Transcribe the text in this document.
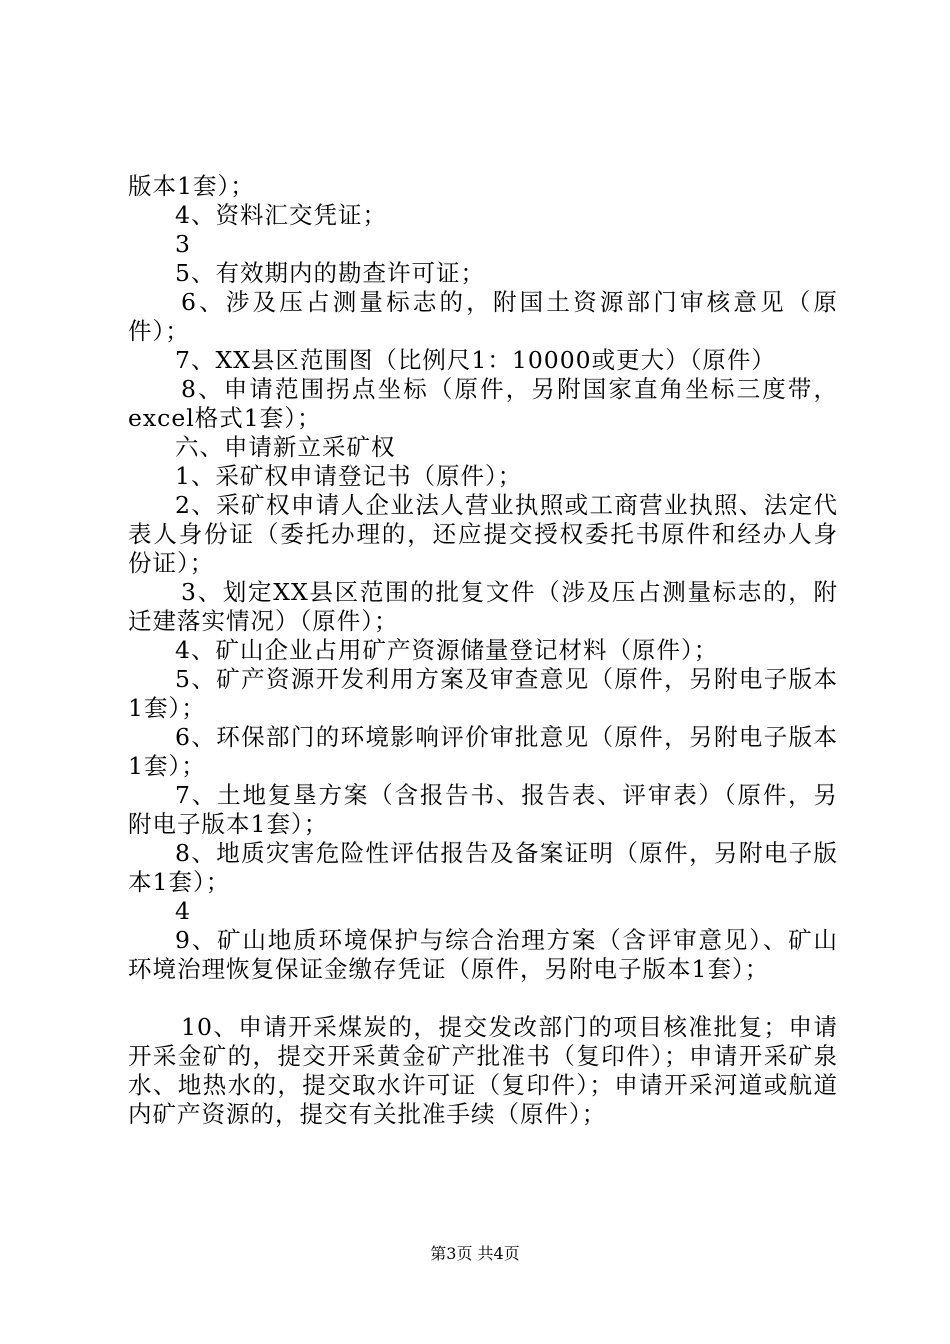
版本1套）；

4、资料汇交凭证；

3

5、有效期内的勘查许可证；

6、涉及压占测量标志的，附国土资源部门审核意见（原件）；

7、XX县区范围图（比例尺1：10000或更大）（原件）

8、申请范围拐点坐标（原件，另附国家直角坐标三度带，excel格式1套）；

六、申请新立采矿权

1、采矿权申请登记书（原件）；

2、采矿权申请人企业法人营业执照或工商营业执照、法定代表人身份证（委托办理的，还应提交授权委托书原件和经办人身份证）；

3、划定XX县区范围的批复文件（涉及压占测量标志的，附迁建落实情况）（原件）；

4、矿山企业占用矿产资源储量登记材料（原件）；

5、矿产资源开发利用方案及审查意见（原件，另附电子版本1套）；

6、环保部门的环境影响评价审批意见（原件，另附电子版本1套）；

7、土地复垦方案（含报告书、报告表、评审表）（原件，另附电子版本1套）；

8、地质灾害危险性评估报告及备案证明（原件，另附电子版本1套）；

4

9、矿山地质环境保护与综合治理方案（含评审意见）、矿山环境治理恢复保证金缴存凭证（原件，另附电子版本1套）；

10、申请开采煤炭的，提交发改部门的项目核准批复；申请开采金矿的，提交开采黄金矿产批准书（复印件）；申请开采矿泉水、地热水的，提交取水许可证（复印件）；申请开采河道或航道内矿产资源的，提交有关批准手续（原件）；

第3页 共4页
